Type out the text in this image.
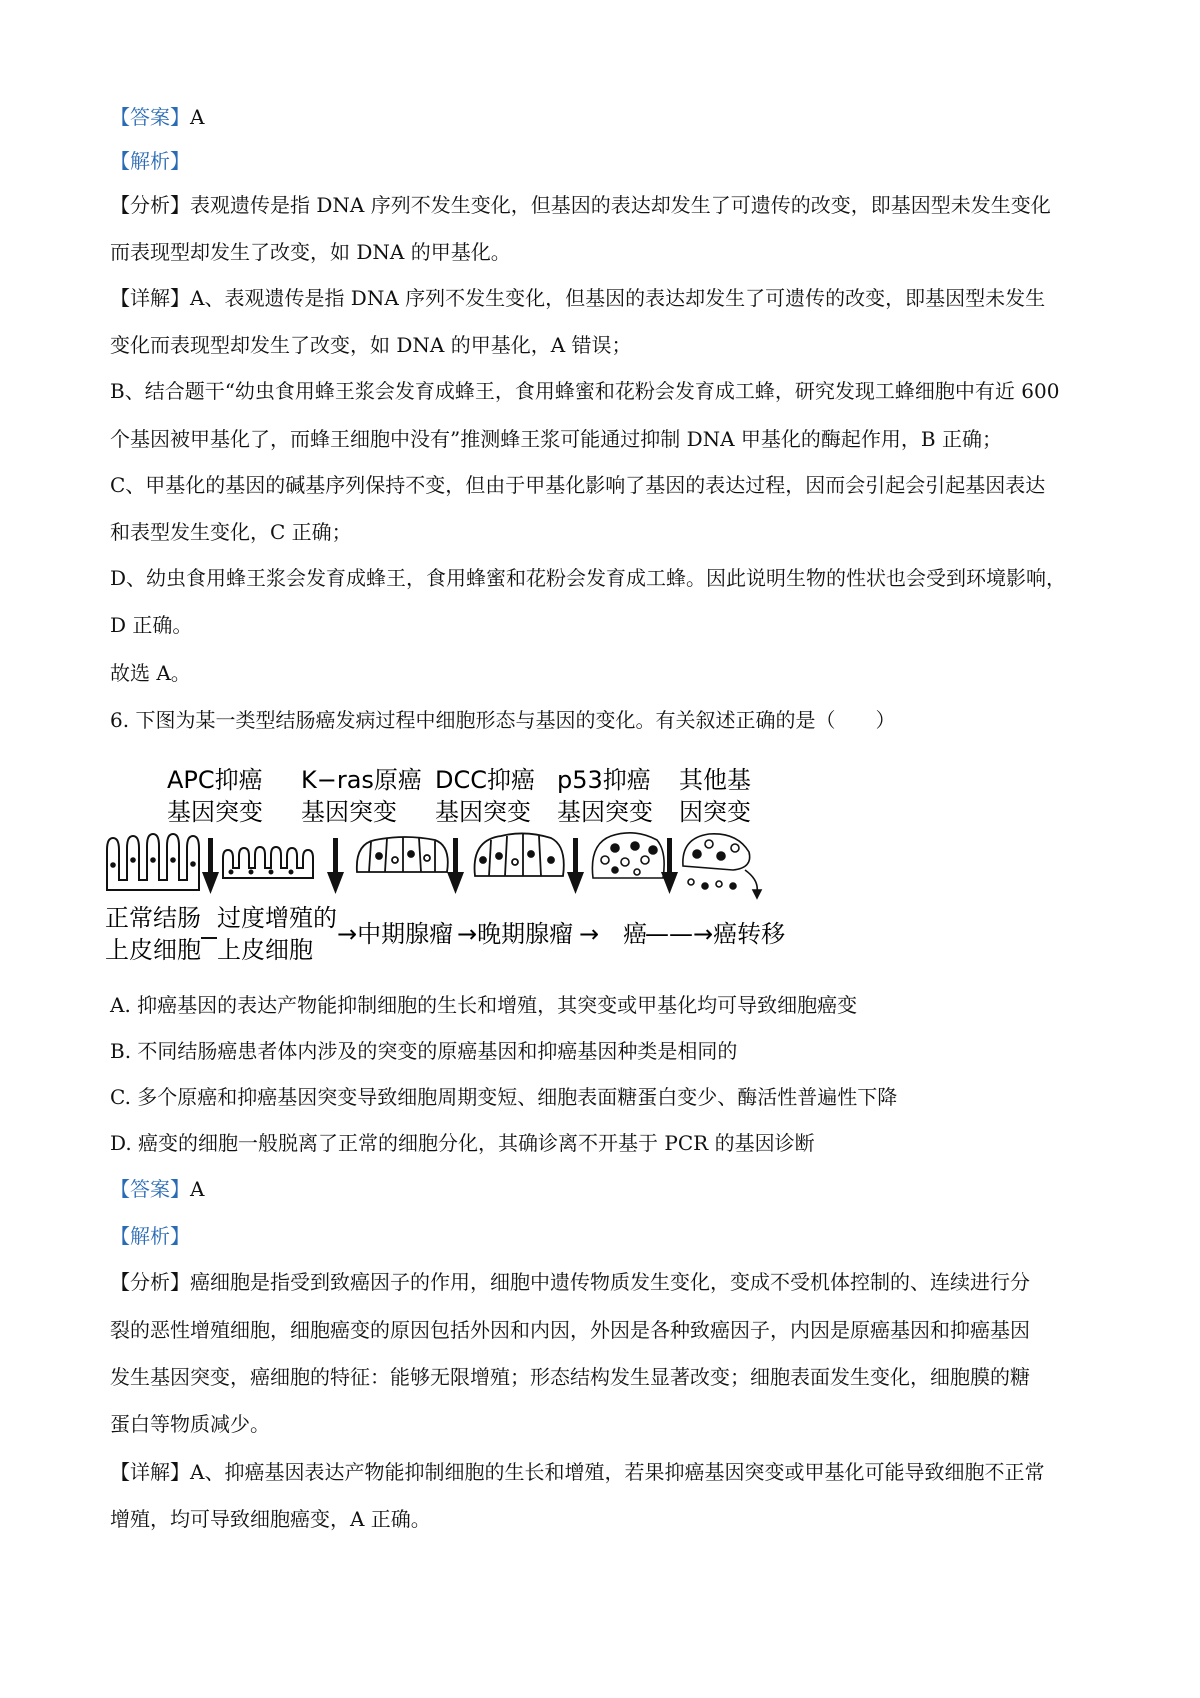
【答案】A
【解析】
【分析】表观遗传是指 DNA 序列不发生变化，但基因的表达却发生了可遗传的改变，即基因型未发生变化
而表现型却发生了改变，如 DNA 的甲基化。
【详解】A、表观遗传是指 DNA 序列不发生变化，但基因的表达却发生了可遗传的改变，即基因型未发生
变化而表现型却发生了改变，如 DNA 的甲基化，A 错误；
B、结合题干“幼虫食用蜂王浆会发育成蜂王，食用蜂蜜和花粉会发育成工蜂，研究发现工蜂细胞中有近 600
个基因被甲基化了，而蜂王细胞中没有”推测蜂王浆可能通过抑制 DNA 甲基化的酶起作用，B 正确；
C、甲基化的基因的碱基序列保持不变，但由于甲基化影响了基因的表达过程，因而会引起会引起基因表达
和表型发生变化，C 正确；
D、幼虫食用蜂王浆会发育成蜂王，食用蜂蜜和花粉会发育成工蜂。因此说明生物的性状也会受到环境影响，
D 正确。
故选 A。
6. 下图为某一类型结肠癌发病过程中细胞形态与基因的变化。有关叙述正确的是（　　）
APC抑癌
基因突变
K−ras原癌
基因突变
DCC抑癌
基因突变
p53抑癌
基因突变
其他基
因突变
正常结肠
上皮细胞
过度增殖的
上皮细胞
→中期腺瘤 →晚期腺瘤 →　癌
——→癌转移
A. 抑癌基因的表达产物能抑制细胞的生长和增殖，其突变或甲基化均可导致细胞癌变
B. 不同结肠癌患者体内涉及的突变的原癌基因和抑癌基因种类是相同的
C. 多个原癌和抑癌基因突变导致细胞周期变短、细胞表面糖蛋白变少、酶活性普遍性下降
D. 癌变的细胞一般脱离了正常的细胞分化，其确诊离不开基于 PCR 的基因诊断
【答案】A
【解析】
【分析】癌细胞是指受到致癌因子的作用，细胞中遗传物质发生变化，变成不受机体控制的、连续进行分
裂的恶性增殖细胞，细胞癌变的原因包括外因和内因，外因是各种致癌因子，内因是原癌基因和抑癌基因
发生基因突变，癌细胞的特征：能够无限增殖；形态结构发生显著改变；细胞表面发生变化，细胞膜的糖
蛋白等物质减少。
【详解】A、抑癌基因表达产物能抑制细胞的生长和增殖，若果抑癌基因突变或甲基化可能导致细胞不正常
增殖，均可导致细胞癌变，A 正确。
